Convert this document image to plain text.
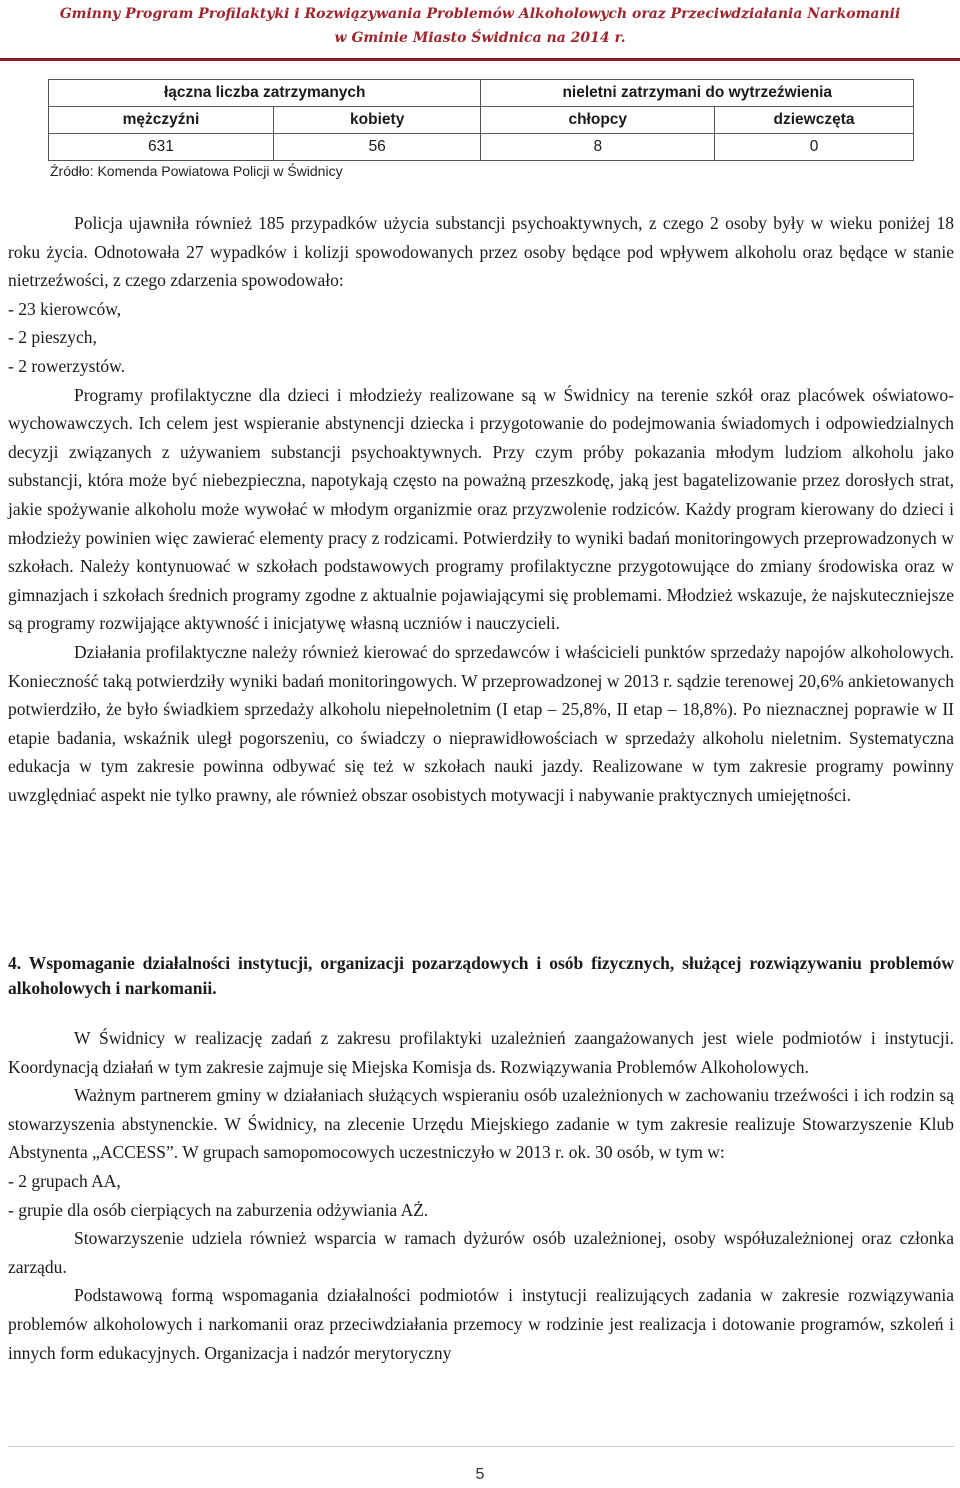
Gminny Program Profilaktyki i Rozwiązywania Problemów Alkoholowych oraz Przeciwdziałania Narkomanii
w Gminie Miasto Świdnica na 2014 r.
łączna liczba zatrzymanych		nieletni zatrzymani do wytrzeźwienia	
mężczyźni	kobiety	chłopcy	dziewczęta
631	56	8	0
Źródło: Komenda Powiatowa Policji w Świdnicy

Policja ujawniła również 185 przypadków użycia substancji psychoaktywnych, z czego 2 osoby były w wieku poniżej 18 roku życia. Odnotowała 27 wypadków i kolizji spowodowanych przez osoby będące pod wpływem alkoholu oraz będące w stanie nietrzeźwości, z czego zdarzenia spowodowało:

- 23 kierowców,
- 2 pieszych,
- 2 rowerzystów.

Programy profilaktyczne dla dzieci i młodzieży realizowane są w Świdnicy na terenie szkół oraz placówek oświatowo-wychowawczych. Ich celem jest wspieranie abstynencji dziecka i przygotowanie do podejmowania świadomych i odpowiedzialnych decyzji związanych z używaniem substancji psychoaktywnych. Przy czym próby pokazania młodym ludziom alkoholu jako substancji, która może być niebezpieczna, napotykają często na poważną przeszkodę, jaką jest bagatelizowanie przez dorosłych strat, jakie spożywanie alkoholu może wywołać w młodym organizmie oraz przyzwolenie rodziców. Każdy program kierowany do dzieci i młodzieży powinien więc zawierać elementy pracy z rodzicami. Potwierdziły to wyniki badań monitoringowych przeprowadzonych w szkołach. Należy kontynuować w szkołach podstawowych programy profilaktyczne przygotowujące do zmiany środowiska oraz w gimnazjach i szkołach średnich programy zgodne z aktualnie pojawiającymi się problemami. Młodzież wskazuje, że najskuteczniejsze są programy rozwijające aktywność i inicjatywę własną uczniów i nauczycieli.

Działania profilaktyczne należy również kierować do sprzedawców i właścicieli punktów sprzedaży napojów alkoholowych. Konieczność taką potwierdziły wyniki badań monitoringowych. W przeprowadzonej w 2013 r. sądzie terenowej 20,6% ankietowanych potwierdziło, że było świadkiem sprzedaży alkoholu niepełnoletnim (I etap – 25,8%, II etap – 18,8%). Po nieznacznej poprawie w II etapie badania, wskaźnik uległ pogorszeniu, co świadczy o nieprawidłowościach w sprzedaży alkoholu nieletnim. Systematyczna edukacja w tym zakresie powinna odbywać się też w szkołach nauki jazdy. Realizowane w tym zakresie programy powinny uwzględniać aspekt nie tylko prawny, ale również obszar osobistych motywacji i nabywanie praktycznych umiejętności.

4. Wspomaganie działalności instytucji, organizacji pozarządowych i osób fizycznych, służącej rozwiązywaniu problemów alkoholowych i narkomanii.

W Świdnicy w realizację zadań z zakresu profilaktyki uzależnień zaangażowanych jest wiele podmiotów i instytucji. Koordynacją działań w tym zakresie zajmuje się Miejska Komisja ds. Rozwiązywania Problemów Alkoholowych.

Ważnym partnerem gminy w działaniach służących wspieraniu osób uzależnionych w zachowaniu trzeźwości i ich rodzin są stowarzyszenia abstynenckie. W Świdnicy, na zlecenie Urzędu Miejskiego zadanie w tym zakresie realizuje Stowarzyszenie Klub Abstynenta „ACCESS”. W grupach samopomocowych uczestniczyło w 2013 r. ok. 30 osób, w tym w:

- 2 grupach AA,
- grupie dla osób cierpiących na zaburzenia odżywiania AŻ.

Stowarzyszenie udziela również wsparcia w ramach dyżurów osób uzależnionej, osoby współuzależnionej oraz członka zarządu.

Podstawową formą wspomagania działalności podmiotów i instytucji realizujących zadania w zakresie rozwiązywania problemów alkoholowych i narkomanii oraz przeciwdziałania przemocy w rodzinie jest realizacja i dotowanie programów, szkoleń i innych form edukacyjnych. Organizacja i nadzór merytoryczny

5
